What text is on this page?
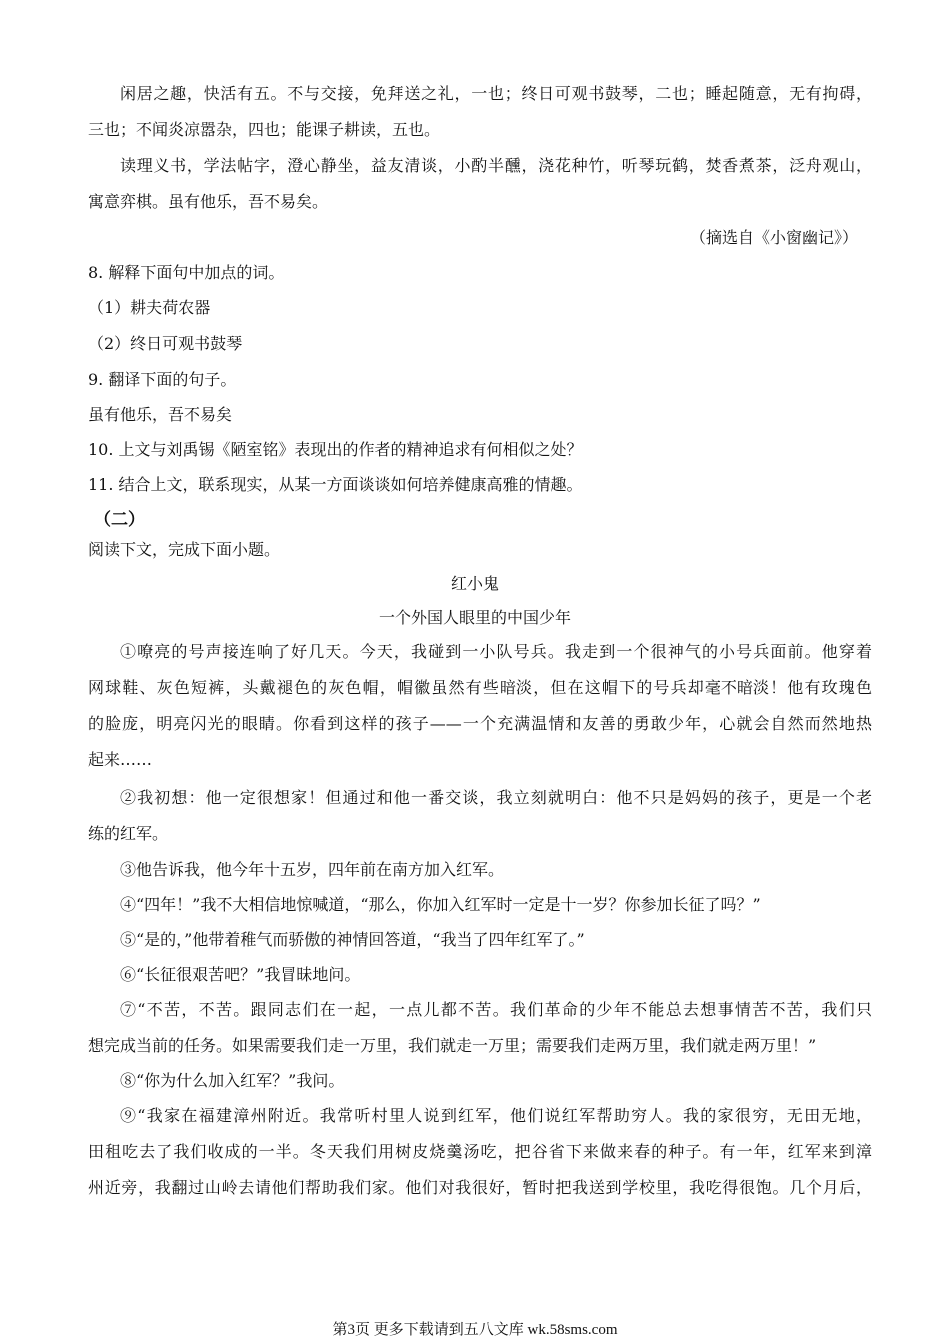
闲居之趣，快活有五。不与交接，免拜送之礼，一也；终日可观书鼓琴，二也；睡起随意，无有拘碍，
三也；不闻炎凉嚣杂，四也；能课子耕读，五也。
读理义书，学法帖字，澄心静坐，益友清谈，小酌半醺，浇花种竹，听琴玩鹤，焚香煮茶，泛舟观山，
寓意弈棋。虽有他乐，吾不易矣。
（摘选自《小窗幽记》）
8. 解释下面句中加点的词。
（1）耕夫荷农器
（2）终日可观书鼓琴
9. 翻译下面的句子。
虽有他乐，吾不易矣
10. 上文与刘禹锡《陋室铭》表现出的作者的精神追求有何相似之处？
11. 结合上文，联系现实，从某一方面谈谈如何培养健康高雅的情趣。
（二）
阅读下文，完成下面小题。
红小鬼
一个外国人眼里的中国少年
①嘹亮的号声接连响了好几天。今天，我碰到一小队号兵。我走到一个很神气的小号兵面前。他穿着
网球鞋、灰色短裤，头戴褪色的灰色帽，帽徽虽然有些暗淡，但在这帽下的号兵却毫不暗淡！他有玫瑰色
的脸庞，明亮闪光的眼睛。你看到这样的孩子——一个充满温情和友善的勇敢少年，心就会自然而然地热
起来……
②我初想：他一定很想家！但通过和他一番交谈，我立刻就明白：他不只是妈妈的孩子，更是一个老
练的红军。
③他告诉我，他今年十五岁，四年前在南方加入红军。
④“四年！”我不大相信地惊喊道，“那么，你加入红军时一定是十一岁？你参加长征了吗？”
⑤“是的，”他带着稚气而骄傲的神情回答道，“我当了四年红军了。”
⑥“长征很艰苦吧？”我冒昧地问。
⑦“不苦，不苦。跟同志们在一起，一点儿都不苦。我们革命的少年不能总去想事情苦不苦，我们只
想完成当前的任务。如果需要我们走一万里，我们就走一万里；需要我们走两万里，我们就走两万里！”
⑧“你为什么加入红军？”我问。
⑨“我家在福建漳州附近。我常听村里人说到红军，他们说红军帮助穷人。我的家很穷，无田无地，
田租吃去了我们收成的一半。冬天我们用树皮烧羹汤吃，把谷省下来做来春的种子。有一年，红军来到漳
州近旁，我翻过山岭去请他们帮助我们家。他们对我很好，暂时把我送到学校里，我吃得很饱。几个月后，
第3页 更多下载请到五八文库 wk.58sms.com
